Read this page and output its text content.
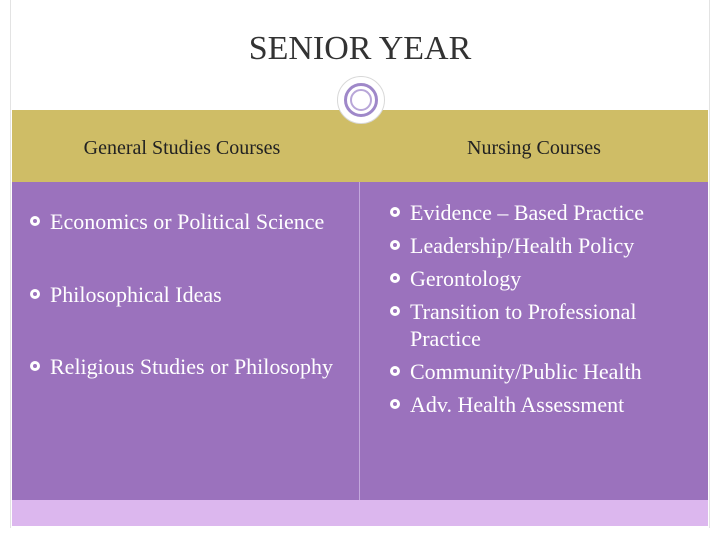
SENIOR YEAR
General Studies Courses	Nursing Courses
Economics or Political Science
Philosophical Ideas
Religious Studies or Philosophy
Evidence – Based Practice
Leadership/Health Policy
Gerontology
Transition to Professional Practice
Community/Public Health
Adv. Health Assessment
